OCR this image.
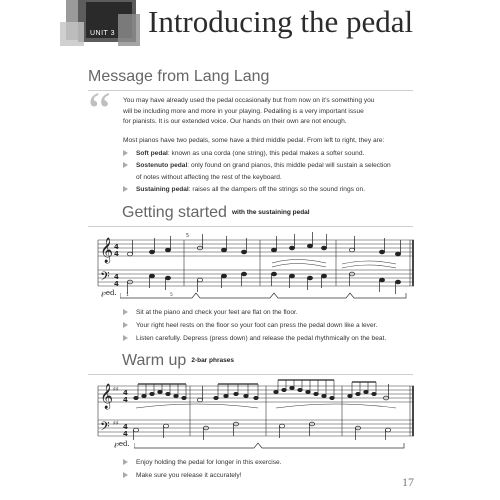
UNIT 3 Introducing the pedal
Message from Lang Lang
“ You may have already used the pedal occasionally but from now on it’s something you
will be including more and more in your playing. Pedalling is a very important issue
for pianists. It is our extended voice. Our hands on their own are not enough.
Most pianos have two pedals, some have a third middle pedal. From left to right, they are:
Soft pedal: known as una corda (one string), this pedal makes a softer sound.
Sostenuto pedal: only found on grand pianos, this middle pedal will sustain a selection
of notes without affecting the rest of the keyboard.
Sustaining pedal: raises all the dampers off the strings so the sound rings on.
Getting started with the sustaining pedal
𝄞
𝄢
4
4
4
4
5
1	5
℘ed.
Sit at the piano and check your feet are flat on the floor.
Your right heel rests on the floor so your foot can press the pedal down like a lever.
Listen carefully. Depress (press down) and release the pedal rhythmically on the beat.
Warm up 2-bar phrases
𝄞
𝄢
♯♯
♯♯
4
4
4
4
℘ed.
Enjoy holding the pedal for longer in this exercise.
Make sure you release it accurately!	17
